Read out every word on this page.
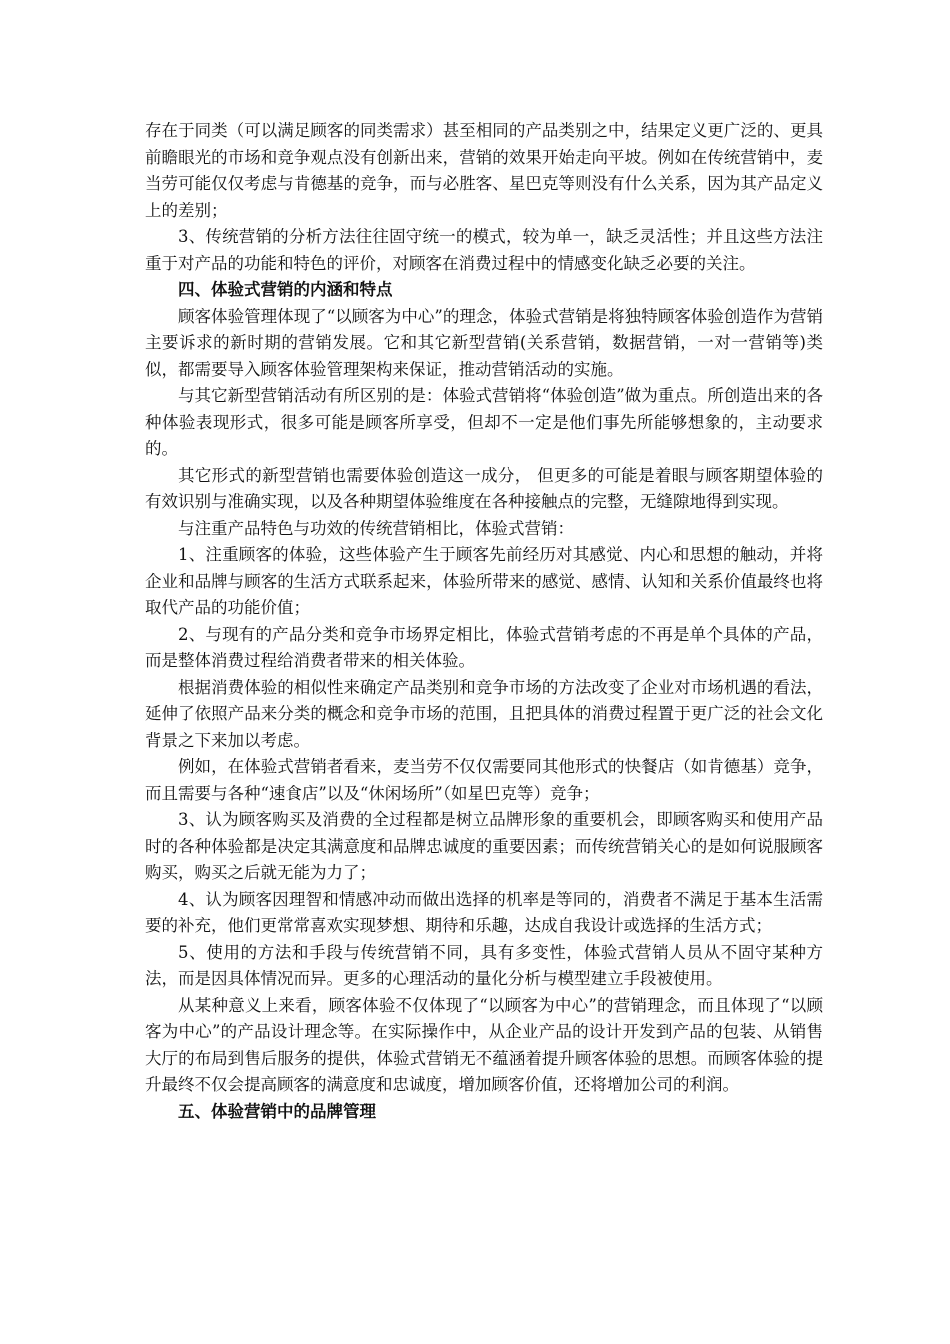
存在于同类（可以满足顾客的同类需求）甚至相同的产品类别之中，结果定义更广泛的、更具前瞻眼光的市场和竞争观点没有创新出来，营销的效果开始走向平坡。例如在传统营销中，麦当劳可能仅仅考虑与肯德基的竞争，而与必胜客、星巴克等则没有什么关系，因为其产品定义上的差别；

3、传统营销的分析方法往往固守统一的模式，较为单一，缺乏灵活性；并且这些方法注重于对产品的功能和特色的评价，对顾客在消费过程中的情感变化缺乏必要的关注。

四、体验式营销的内涵和特点

顾客体验管理体现了“以顾客为中心”的理念，体验式营销是将独特顾客体验创造作为营销主要诉求的新时期的营销发展。它和其它新型营销(关系营销，数据营销，一对一营销等)类似，都需要导入顾客体验管理架构来保证，推动营销活动的实施。

与其它新型营销活动有所区别的是：体验式营销将“体验创造”做为重点。所创造出来的各种体验表现形式，很多可能是顾客所享受，但却不一定是他们事先所能够想象的，主动要求的。

其它形式的新型营销也需要体验创造这一成分， 但更多的可能是着眼与顾客期望体验的有效识别与准确实现，以及各种期望体验维度在各种接触点的完整，无缝隙地得到实现。

与注重产品特色与功效的传统营销相比，体验式营销：

1、注重顾客的体验，这些体验产生于顾客先前经历对其感觉、内心和思想的触动，并将企业和品牌与顾客的生活方式联系起来，体验所带来的感觉、感情、认知和关系价值最终也将取代产品的功能价值；

2、与现有的产品分类和竞争市场界定相比，体验式营销考虑的不再是单个具体的产品，而是整体消费过程给消费者带来的相关体验。

根据消费体验的相似性来确定产品类别和竞争市场的方法改变了企业对市场机遇的看法，延伸了依照产品来分类的概念和竞争市场的范围，且把具体的消费过程置于更广泛的社会文化背景之下来加以考虑。

例如，在体验式营销者看来，麦当劳不仅仅需要同其他形式的快餐店（如肯德基）竞争，而且需要与各种“速食店”以及“休闲场所”（如星巴克等）竞争；

3、认为顾客购买及消费的全过程都是树立品牌形象的重要机会，即顾客购买和使用产品时的各种体验都是决定其满意度和品牌忠诚度的重要因素；而传统营销关心的是如何说服顾客购买，购买之后就无能为力了；

4、认为顾客因理智和情感冲动而做出选择的机率是等同的，消费者不满足于基本生活需要的补充，他们更常常喜欢实现梦想、期待和乐趣，达成自我设计或选择的生活方式；

5、使用的方法和手段与传统营销不同，具有多变性，体验式营销人员从不固守某种方法，而是因具体情况而异。更多的心理活动的量化分析与模型建立手段被使用。

从某种意义上来看，顾客体验不仅体现了“以顾客为中心”的营销理念，而且体现了“以顾客为中心”的产品设计理念等。在实际操作中，从企业产品的设计开发到产品的包装、从销售大厅的布局到售后服务的提供，体验式营销无不蕴涵着提升顾客体验的思想。而顾客体验的提升最终不仅会提高顾客的满意度和忠诚度，增加顾客价值，还将增加公司的利润。

五、体验营销中的品牌管理
